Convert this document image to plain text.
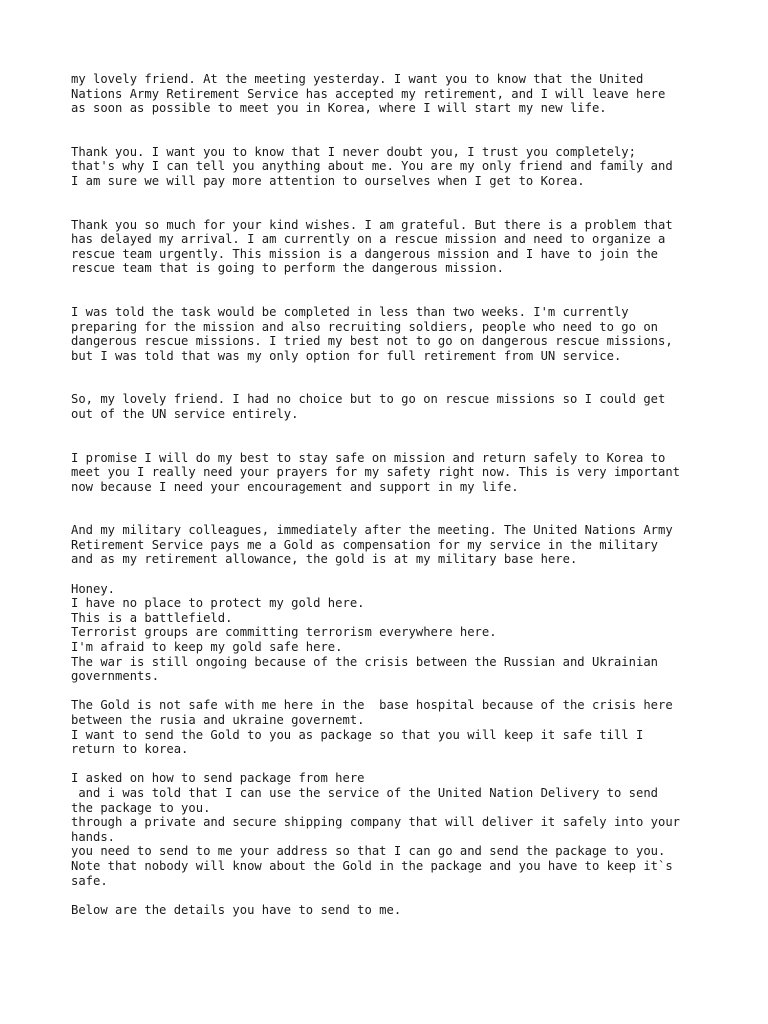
my lovely friend. At the meeting yesterday. I want you to know that the United
Nations Army Retirement Service has accepted my retirement, and I will leave here
as soon as possible to meet you in Korea, where I will start my new life.

Thank you. I want you to know that I never doubt you, I trust you completely;
that's why I can tell you anything about me. You are my only friend and family and
I am sure we will pay more attention to ourselves when I get to Korea.

Thank you so much for your kind wishes. I am grateful. But there is a problem that
has delayed my arrival. I am currently on a rescue mission and need to organize a
rescue team urgently. This mission is a dangerous mission and I have to join the
rescue team that is going to perform the dangerous mission.

I was told the task would be completed in less than two weeks. I'm currently
preparing for the mission and also recruiting soldiers, people who need to go on
dangerous rescue missions. I tried my best not to go on dangerous rescue missions,
but I was told that was my only option for full retirement from UN service.

So, my lovely friend. I had no choice but to go on rescue missions so I could get
out of the UN service entirely.

I promise I will do my best to stay safe on mission and return safely to Korea to
meet you I really need your prayers for my safety right now. This is very important
now because I need your encouragement and support in my life.

And my military colleagues, immediately after the meeting. The United Nations Army
Retirement Service pays me a Gold as compensation for my service in the military
and as my retirement allowance, the gold is at my military base here.

Honey.
I have no place to protect my gold here.
This is a battlefield.
Terrorist groups are committing terrorism everywhere here.
I'm afraid to keep my gold safe here.
The war is still ongoing because of the crisis between the Russian and Ukrainian
governments.

The Gold is not safe with me here in the  base hospital because of the crisis here
between the rusia and ukraine governemt.
I want to send the Gold to you as package so that you will keep it safe till I
return to korea.

I asked on how to send package from here
and i was told that I can use the service of the United Nation Delivery to send
the package to you.
through a private and secure shipping company that will deliver it safely into your
hands.
you need to send to me your address so that I can go and send the package to you.
Note that nobody will know about the Gold in the package and you have to keep it`s
safe.

Below are the details you have to send to me.
